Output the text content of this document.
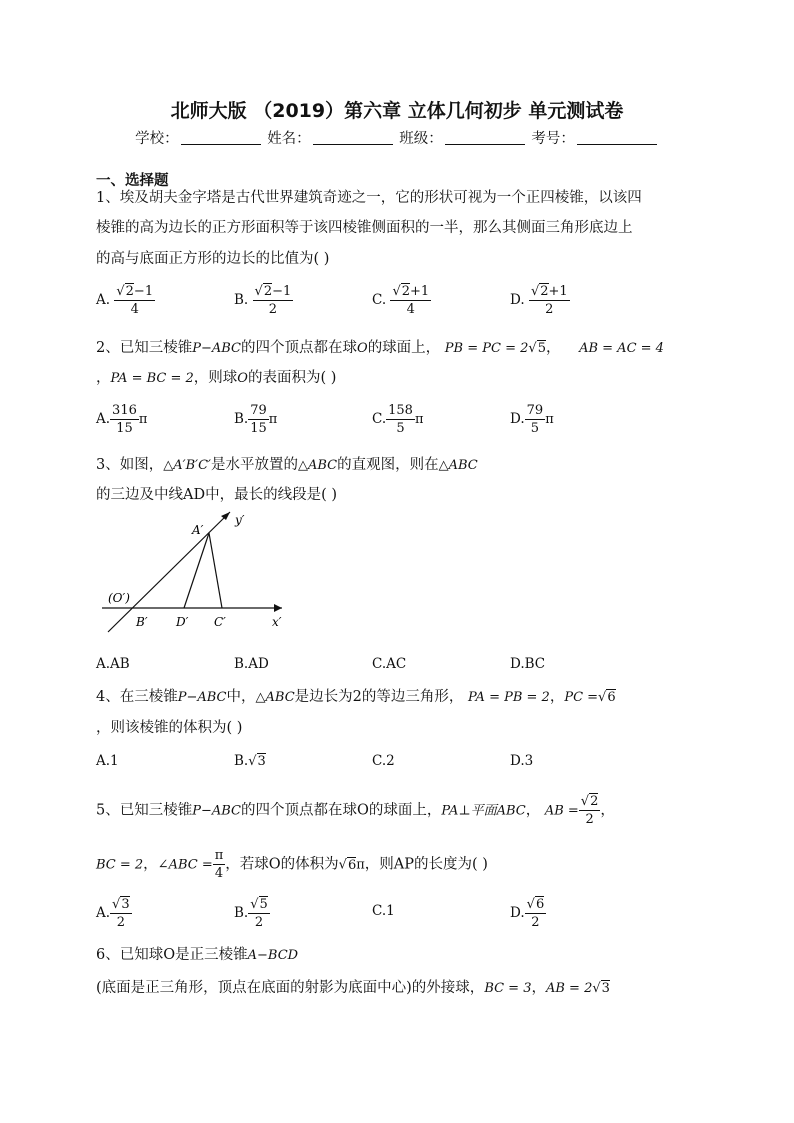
北师大版 （2019）第六章 立体几何初步 单元测试卷
学校：	姓名：	班级：	考号：
一、选择题
1、埃及胡夫金字塔是古代世界建筑奇迹之一，它的形状可视为一个正四棱锥，以该四
棱锥的高为边长的正方形面积等于该四棱锥侧面积的一半，那么其侧面三角形底边上
的高与底面正方形的边长的比值为( )
A. $\frac{√2-1}{4}$	B. $\frac{√2-1}{2}$	C. $\frac{√2+1}{4}$	D. $\frac{√2+1}{2}$
2、已知三棱锥P−ABC的四个顶点都在球O的球面上， PB = PC = 2√5， AB = AC = 4
，PA = BC = 2，则球O的表面积为( )
A. $\frac{316}{15}$ π	B. $\frac{79}{15}$ π	C. $\frac{158}{5}$ π	D. $\frac{79}{5}$ π
3、如图，△A′B′C′是水平放置的△ABC的直观图，则在△ABC
的三边及中线AD中，最长的线段是( )
A′
y′
(O′)
B′ D′ C′	x′
A.AB	B.AD	C.AC	D.BC
4、在三棱锥P−ABC中，△ABC是边长为2的等边三角形， PA = PB = 2，PC =√6
，则该棱锥的体积为( )
A.1	B.√3	C.2	D.3
5、已知三棱锥P−ABC的四个顶点都在球O的球面上，PA⊥平面ABC， AB = $\frac{√2}{2}$ ，
BC = 2，∠ABC = $\frac{\pi}{4}$ ，若球O的体积为√6π，则AP的长度为( )
A. $\frac{√3}{2}$	B. $\frac{√5}{2}$	C.1	D. $\frac{√6}{2}$
6、已知球O是正三棱锥A−BCD
(底面是正三角形，顶点在底面的射影为底面中心)的外接球，BC = 3，AB = 2√3
